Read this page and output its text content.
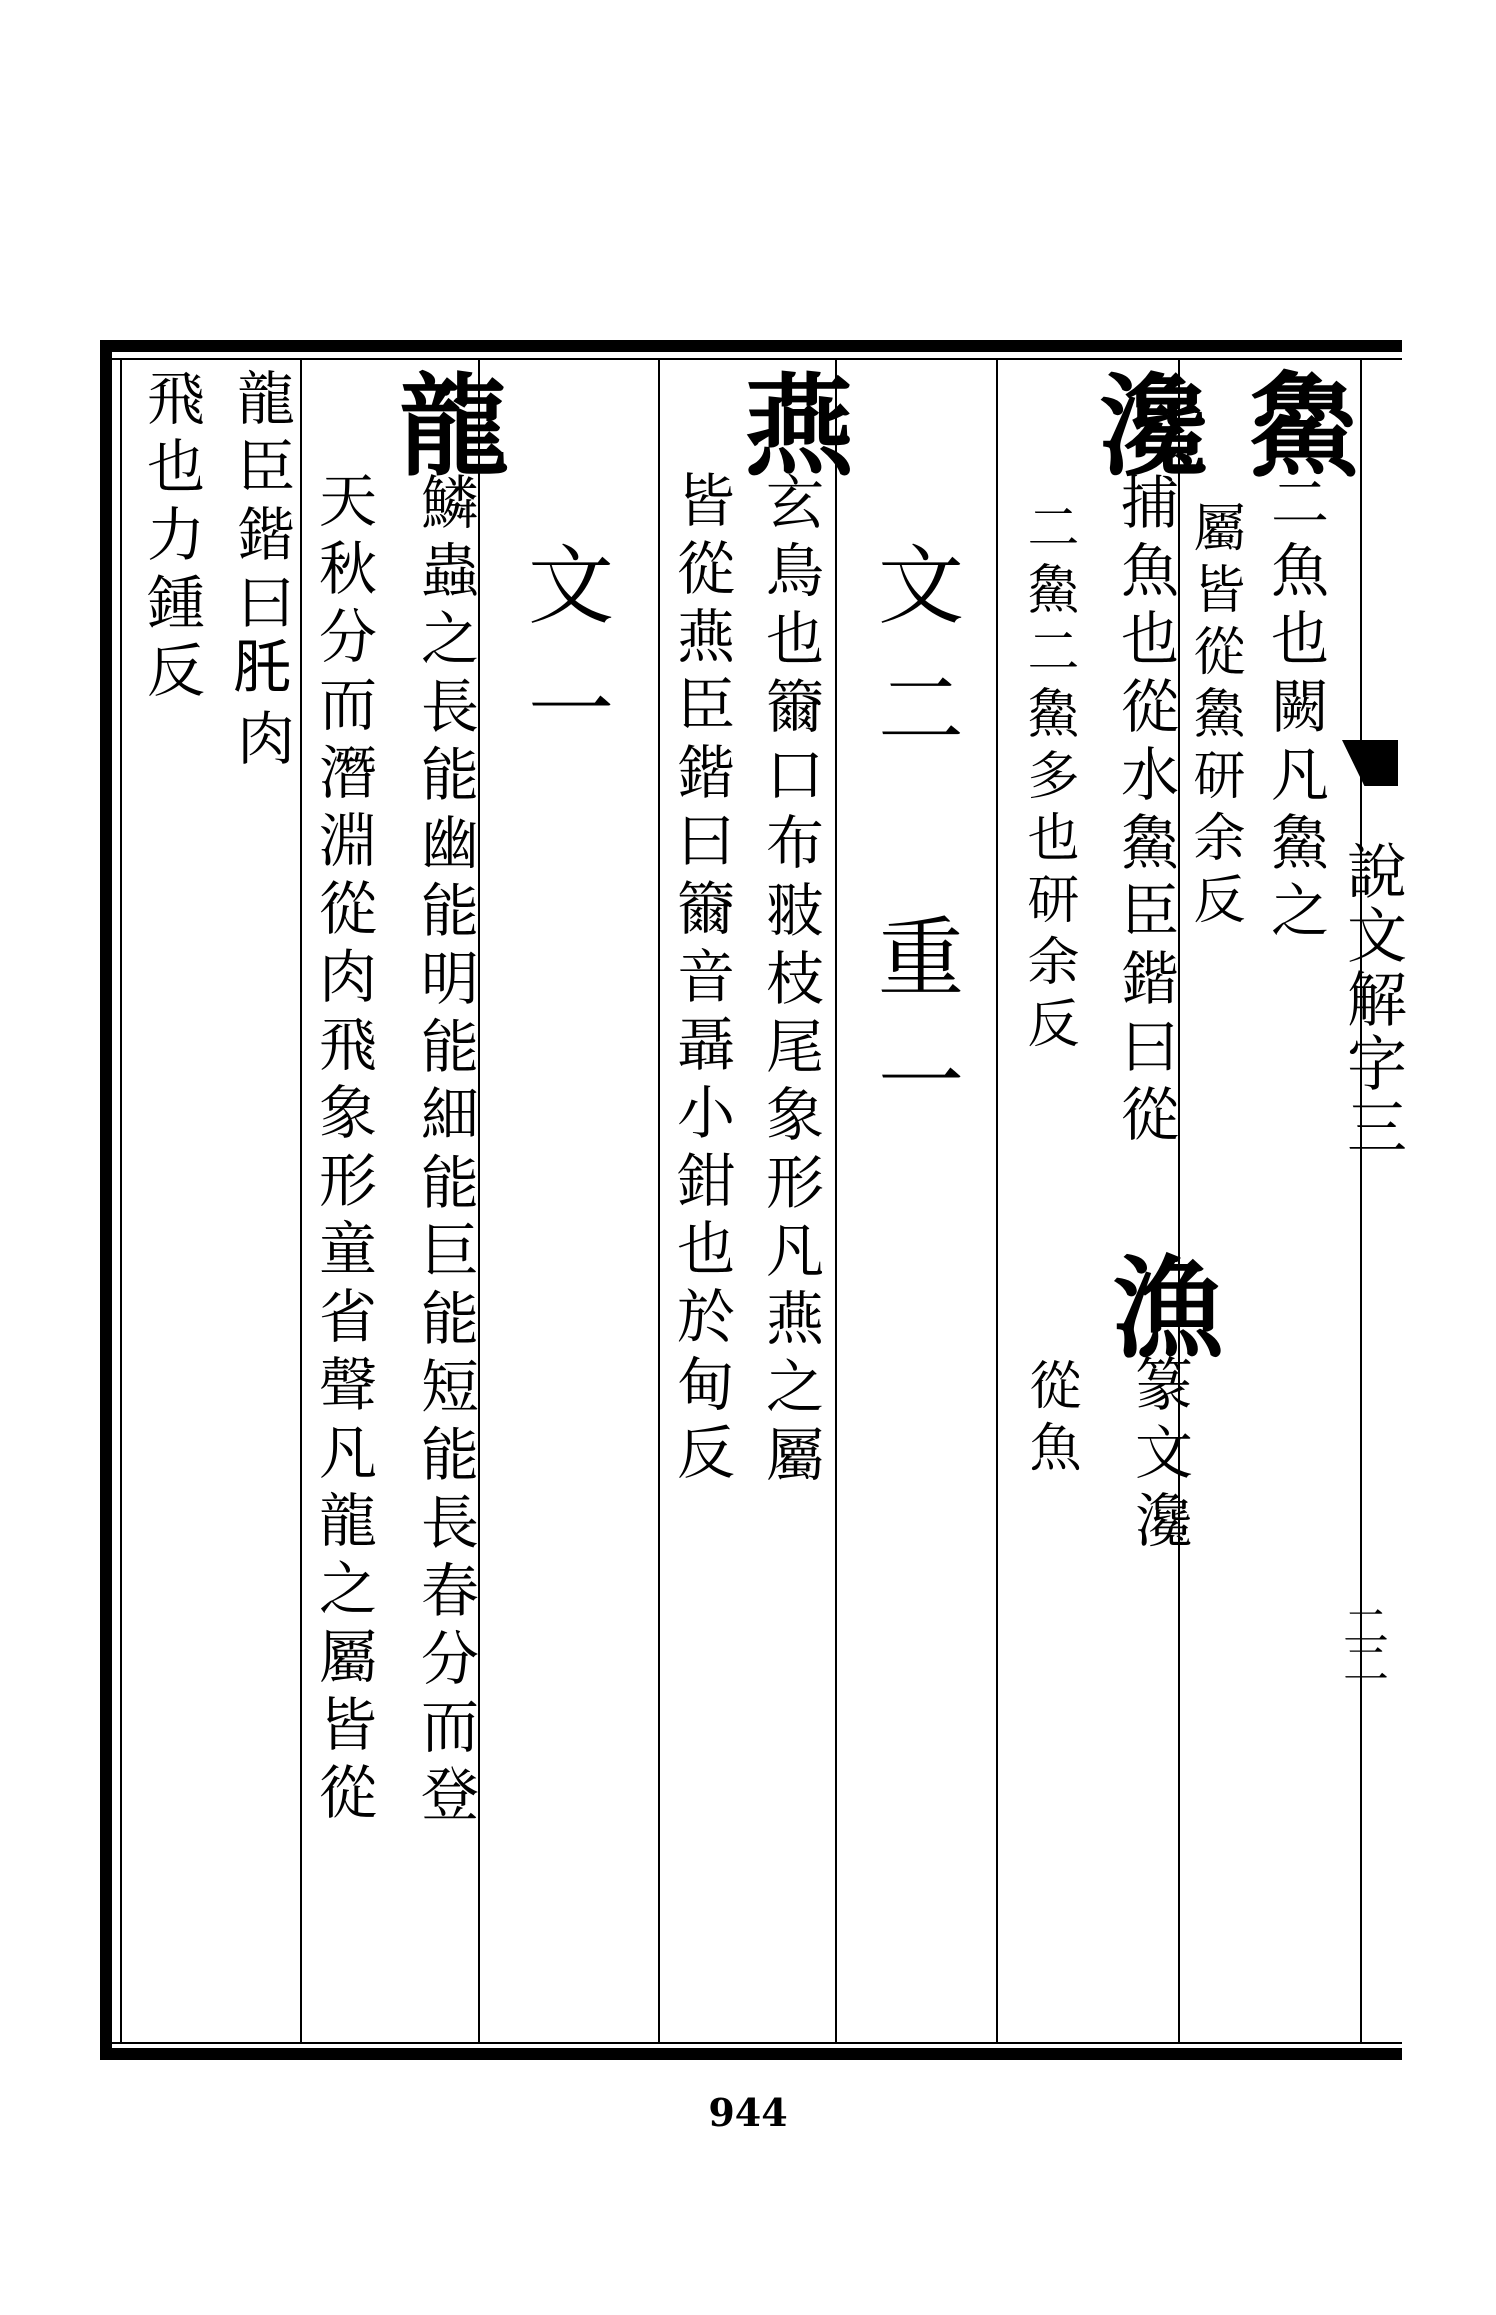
𩺰二魚也闕凡𩺰之
屬皆從𩺰研余反
瀺捕魚也從水𩺰臣鍇曰從
二𩺰二𩺰多也研余反
漁篆文瀺
從魚
文二　重一
燕玄鳥也籋口布翄枝尾象形凡燕之屬
皆從燕臣鍇曰籋音聶小鉗也於甸反
文一
龍鱗蟲之長能幽能明能細能巨能短能長春分而登
天秋分而潛淵從肉飛象形童省聲凡龍之屬皆從
龍臣鍇曰𦘴肉
飛也力鍾反
說文解字三
二二
944
